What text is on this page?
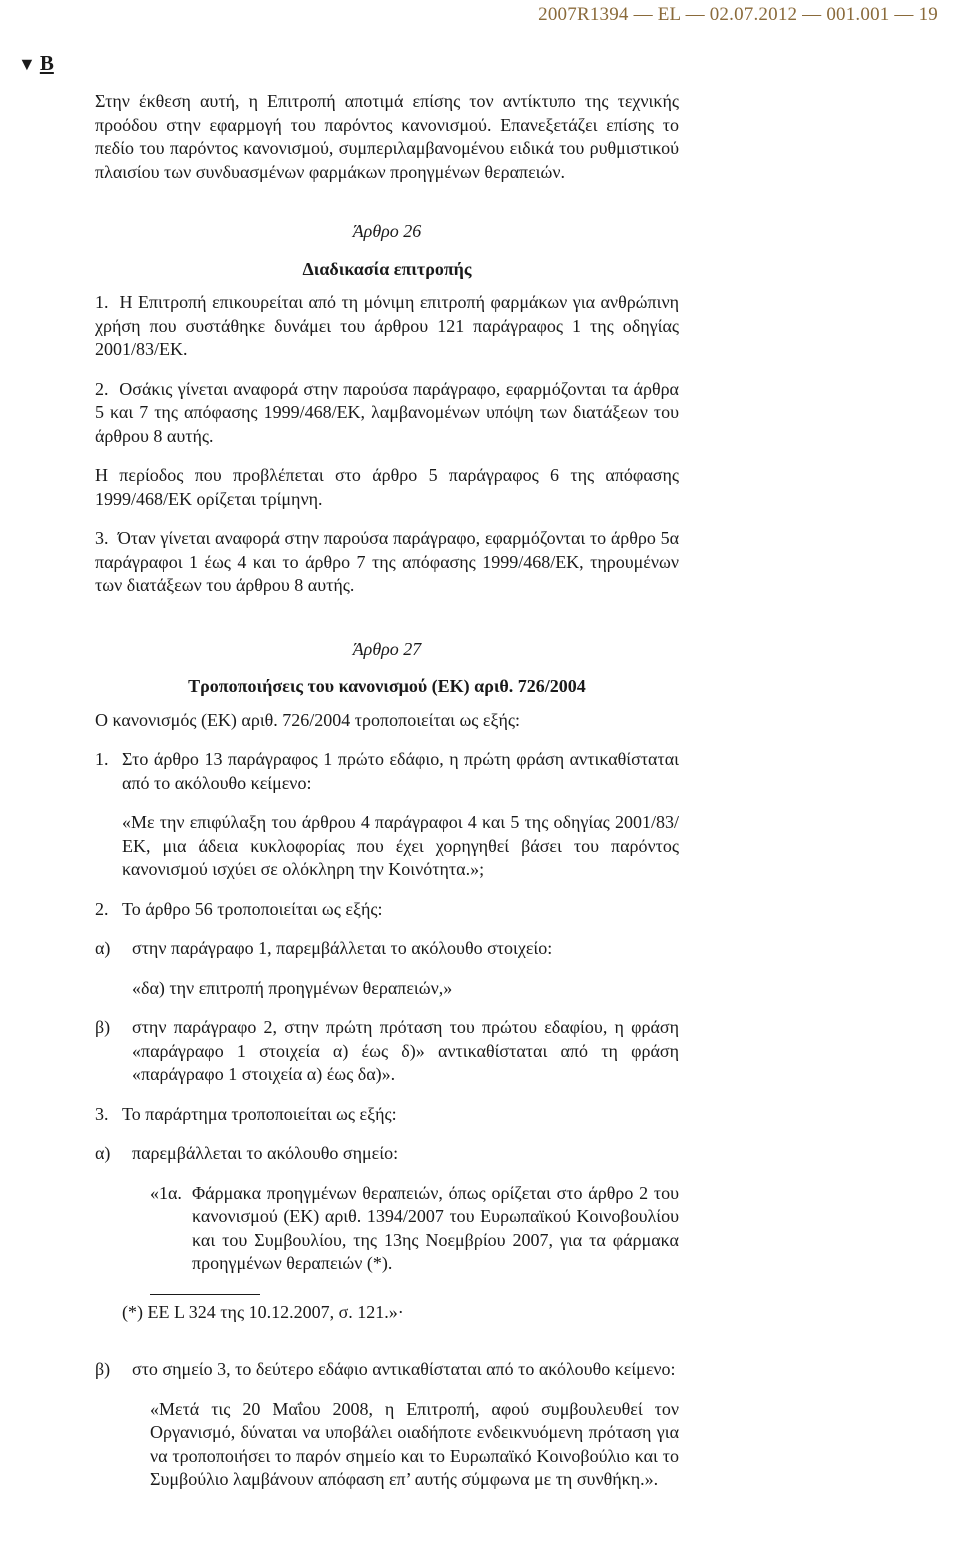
2007R1394 — EL — 02.07.2012 — 001.001 — 19
▼ B

Στην έκθεση αυτή, η Επιτροπή αποτιμά επίσης τον αντίκτυπο της τεχνικής προόδου στην εφαρμογή του παρόντος κανονισμού. Επανεξετάζει επίσης το πεδίο του παρόντος κανονισμού, συμπεριλαμβανομένου ειδικά του ρυθμιστικού πλαισίου των συνδυασμένων φαρμάκων προηγμένων θεραπειών.

Άρθρο 26

Διαδικασία επιτροπής

1. Η Επιτροπή επικουρείται από τη μόνιμη επιτροπή φαρμάκων για ανθρώπινη χρήση που συστάθηκε δυνάμει του άρθρου 121 παράγραφος 1 της οδηγίας 2001/83/ΕΚ.

2. Οσάκις γίνεται αναφορά στην παρούσα παράγραφο, εφαρμόζονται τα άρθρα 5 και 7 της απόφασης 1999/468/ΕΚ, λαμβανομένων υπόψη των διατάξεων του άρθρου 8 αυτής.

Η περίοδος που προβλέπεται στο άρθρο 5 παράγραφος 6 της απόφασης 1999/468/ΕΚ ορίζεται τρίμηνη.

3. Όταν γίνεται αναφορά στην παρούσα παράγραφο, εφαρμόζονται το άρθρο 5α παράγραφοι 1 έως 4 και το άρθρο 7 της απόφασης 1999/468/ΕΚ, τηρουμένων των διατάξεων του άρθρου 8 αυτής.

Άρθρο 27

Τροποποιήσεις του κανονισμού (ΕΚ) αριθ. 726/2004

Ο κανονισμός (ΕΚ) αριθ. 726/2004 τροποποιείται ως εξής:

1. Στο άρθρο 13 παράγραφος 1 πρώτο εδάφιο, η πρώτη φράση αντικαθίσταται από το ακόλουθο κείμενο:

«Με την επιφύλαξη του άρθρου 4 παράγραφοι 4 και 5 της οδηγίας 2001/83/ΕΚ, μια άδεια κυκλοφορίας που έχει χορηγηθεί βάσει του παρόντος κανονισμού ισχύει σε ολόκληρη την Κοινότητα.»;

2. Το άρθρο 56 τροποποιείται ως εξής:
α)	στην παράγραφο 1, παρεμβάλλεται το ακόλουθο στοιχείο:

«δα) την επιτροπή προηγμένων θεραπειών,»

β)	στην παράγραφο 2, στην πρώτη πρόταση του πρώτου εδαφίου, η φράση «παράγραφο 1 στοιχεία α) έως δ)» αντικαθίσταται από τη φράση «παράγραφο 1 στοιχεία α) έως δα)».
3. Το παράρτημα τροποποιείται ως εξής:
α)	παρεμβάλλεται το ακόλουθο σημείο:
«1α. Φάρμακα προηγμένων θεραπειών, όπως ορίζεται στο άρθρο 2 του κανονισμού (ΕΚ) αριθ. 1394/2007 του Ευρωπαϊκού Κοινοβουλίου και του Συμβουλίου, της 13ης Νοεμβρίου 2007, για τα φάρμακα προηγμένων θεραπειών (*).

(*) ΕΕ L 324 της 10.12.2007, σ. 121.»·

β)	στο σημείο 3, το δεύτερο εδάφιο αντικαθίσταται από το ακόλουθο κείμενο:

«Μετά τις 20 Μαΐου 2008, η Επιτροπή, αφού συμβουλευθεί τον Οργανισμό, δύναται να υποβάλει οιαδήποτε ενδεικνυόμενη πρόταση για να τροποποιήσει το παρόν σημείο και το Ευρωπαϊκό Κοινοβούλιο και το Συμβούλιο λαμβάνουν απόφαση επ’ αυτής σύμφωνα με τη συνθήκη.».
